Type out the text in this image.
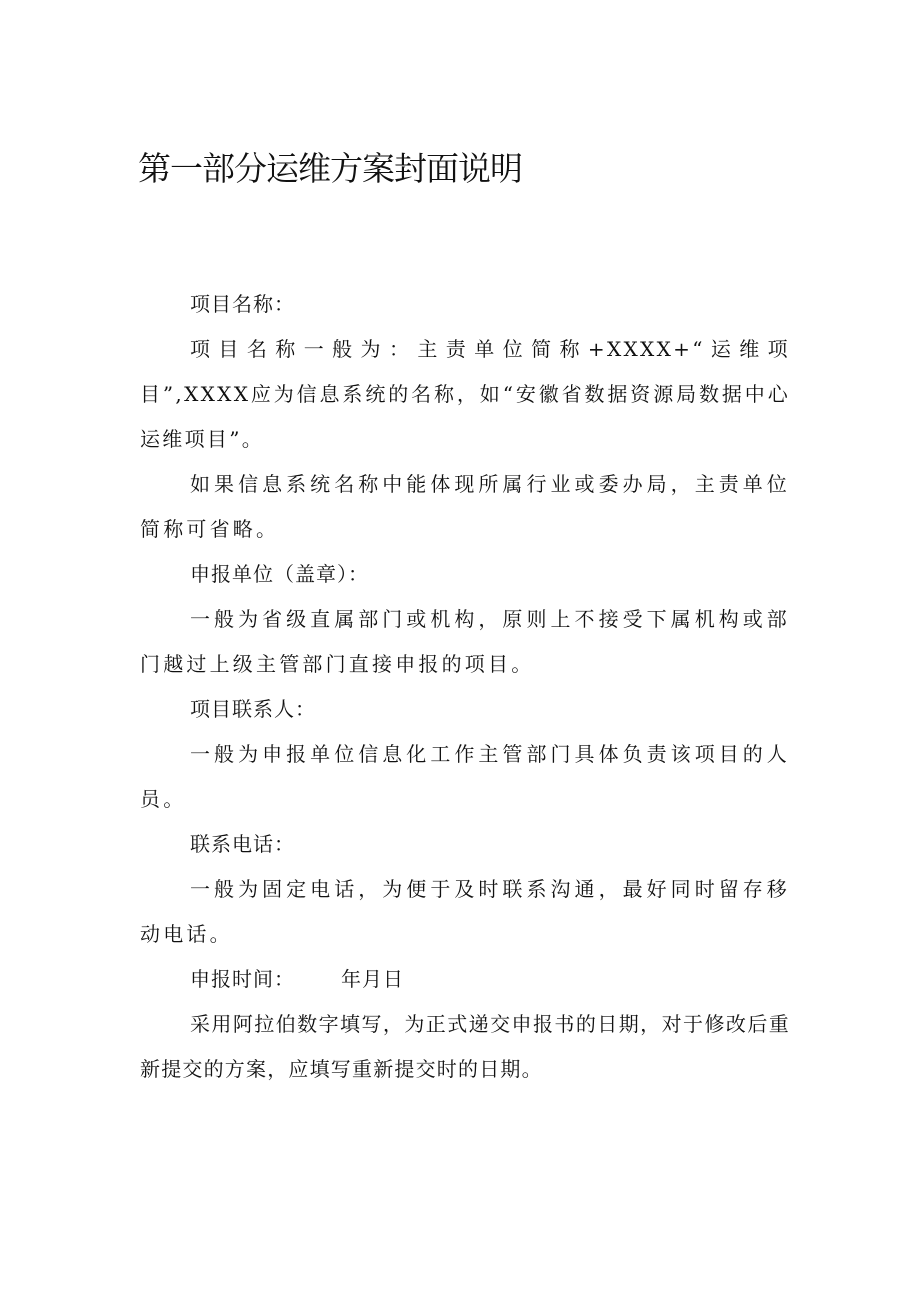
第一部分运维方案封面说明

项目名称：

项目名称一般为：主责单位简称+XXXX+“运维项目”,XXXX应为信息系统的名称，如“安徽省数据资源局数据中心运维项目”。

如果信息系统名称中能体现所属行业或委办局，主责单位简称可省略。

申报单位（盖章）：

一般为省级直属部门或机构，原则上不接受下属机构或部门越过上级主管部门直接申报的项目。

项目联系人：

一般为申报单位信息化工作主管部门具体负责该项目的人员。

联系电话：

一般为固定电话，为便于及时联系沟通，最好同时留存移动电话。

申报时间： 年月日

采用阿拉伯数字填写，为正式递交申报书的日期，对于修改后重新提交的方案，应填写重新提交时的日期。
